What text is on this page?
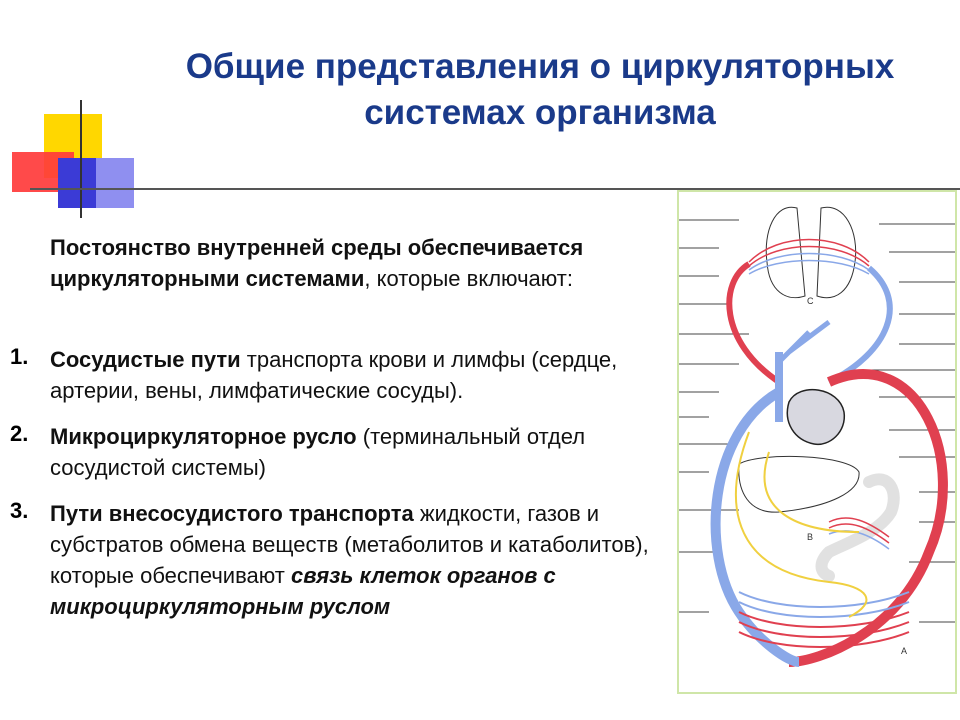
Общие представления о циркуляторных системах организма
Постоянство внутренней среды обеспечивается циркуляторными системами, которые включают:
1. Сосудистые пути транспорта крови и лимфы (сердце, артерии, вены, лимфатические сосуды).
2. Микроциркуляторное русло (терминальный отдел сосудистой системы)
3. Пути внесосудистого транспорта жидкости, газов и субстратов обмена веществ (метаболитов и катаболитов), которые обеспечивают связь клеток органов с микроциркуляторным руслом
C
B
A
